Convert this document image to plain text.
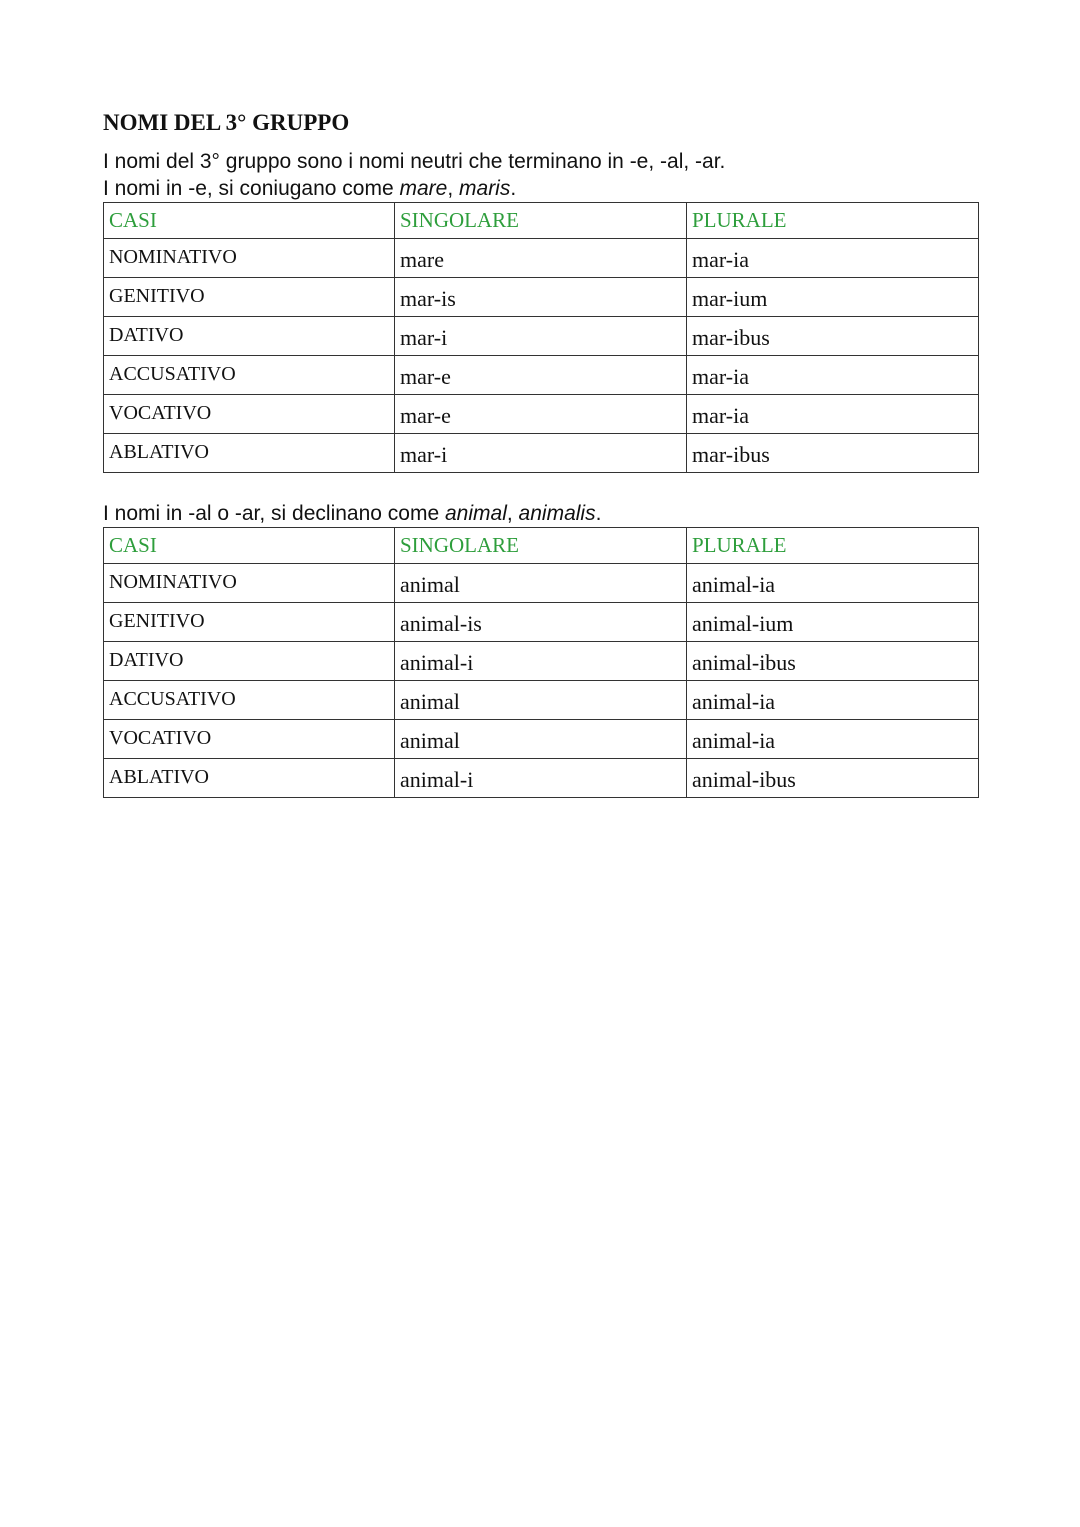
NOMI DEL 3° GRUPPO

I nomi del 3° gruppo sono i nomi neutri che terminano in -e, -al, -ar.

I nomi in -e, si coniugano come mare, maris.

CASI	SINGOLARE	PLURALE
NOMINATIVO	mare	mar-ia
GENITIVO	mar-is	mar-ium
DATIVO	mar-i	mar-ibus
ACCUSATIVO	mar-e	mar-ia
VOCATIVO	mar-e	mar-ia
ABLATIVO	mar-i	mar-ibus

I nomi in -al o -ar, si declinano come animal, animalis.

CASI	SINGOLARE	PLURALE
NOMINATIVO	animal	animal-ia
GENITIVO	animal-is	animal-ium
DATIVO	animal-i	animal-ibus
ACCUSATIVO	animal	animal-ia
VOCATIVO	animal	animal-ia
ABLATIVO	animal-i	animal-ibus
